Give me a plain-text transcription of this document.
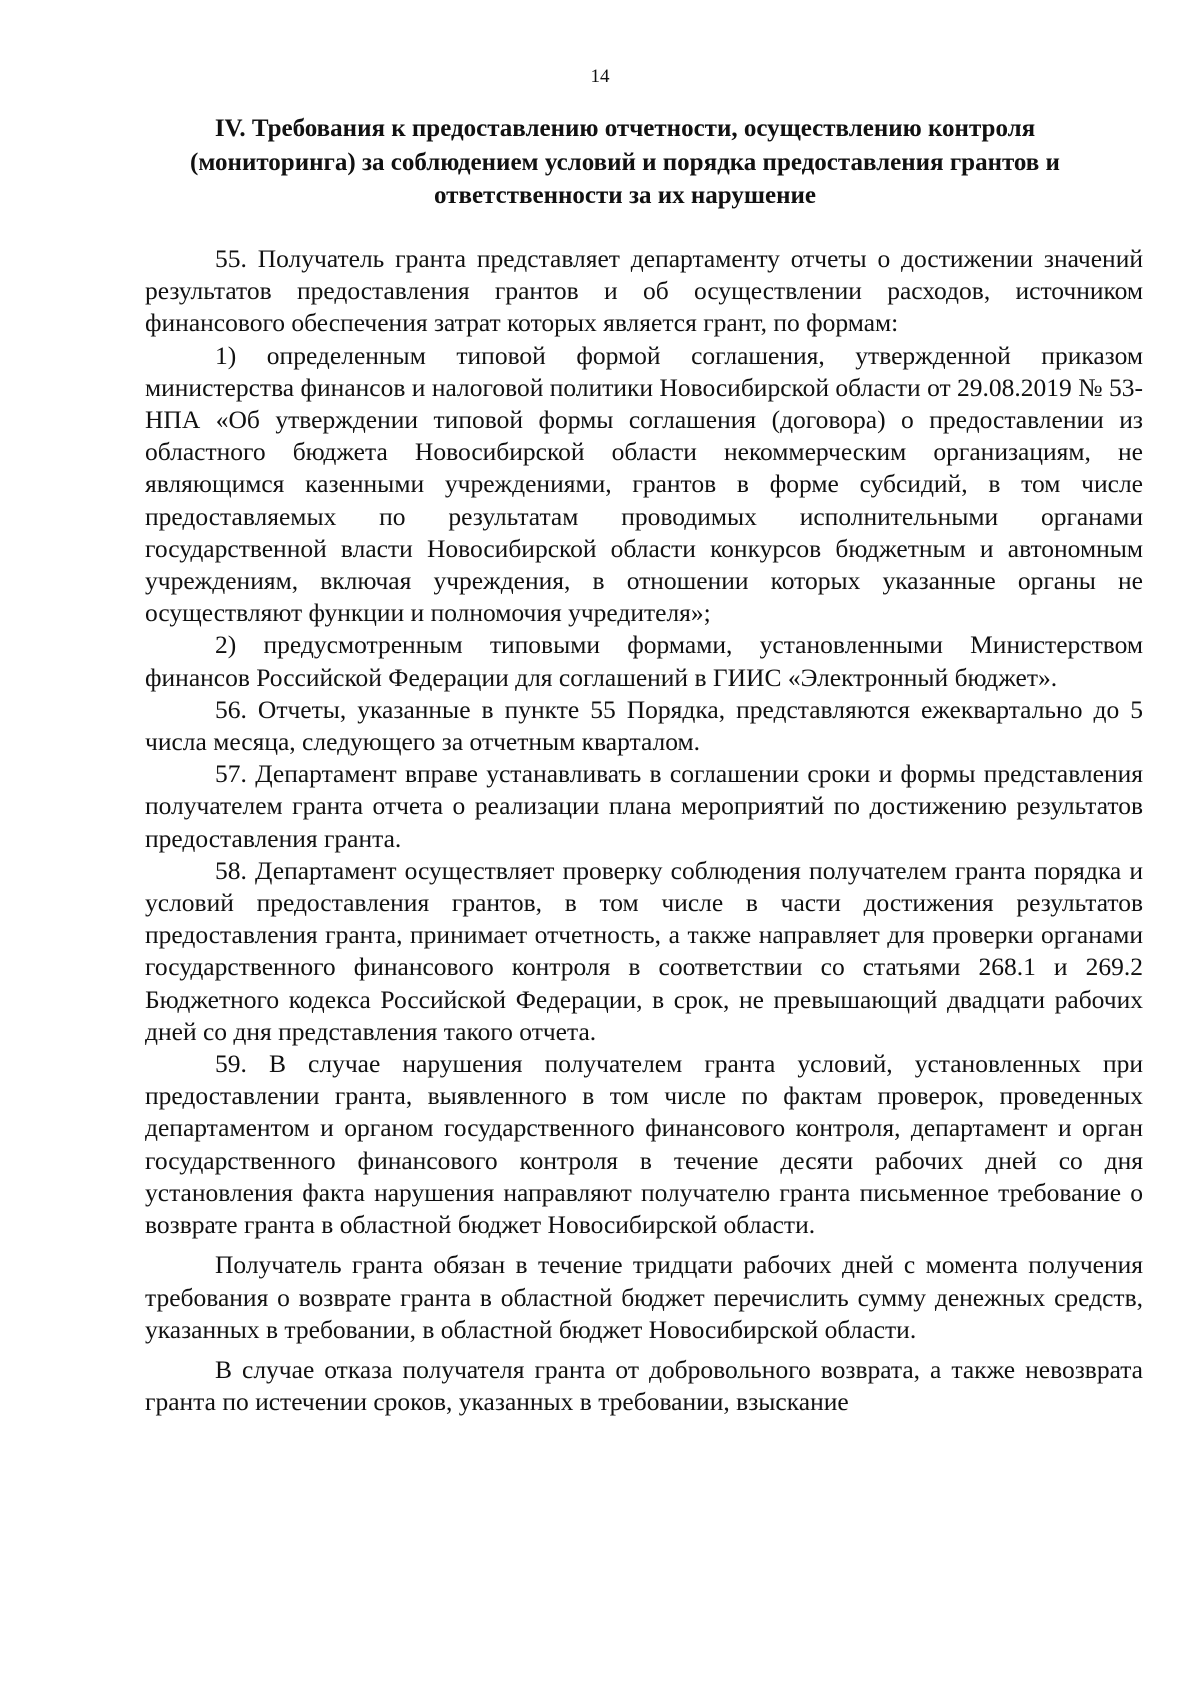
14
IV. Требования к предоставлению отчетности, осуществлению контроля (мониторинга) за соблюдением условий и порядка предоставления грантов и ответственности за их нарушение

55. Получатель гранта представляет департаменту отчеты о достижении значений результатов предоставления грантов и об осуществлении расходов, источником финансового обеспечения затрат которых является грант, по формам:

1) определенным типовой формой соглашения, утвержденной приказом министерства финансов и налоговой политики Новосибирской области от 29.08.2019 № 53-НПА «Об утверждении типовой формы соглашения (договора) о предоставлении из областного бюджета Новосибирской области некоммерческим организациям, не являющимся казенными учреждениями, грантов в форме субсидий, в том числе предоставляемых по результатам проводимых исполнительными органами государственной власти Новосибирской области конкурсов бюджетным и автономным учреждениям, включая учреждения, в отношении которых указанные органы не осуществляют функции и полномочия учредителя»;

2) предусмотренным типовыми формами, установленными Министерством финансов Российской Федерации для соглашений в ГИИС «Электронный бюджет».

56. Отчеты, указанные в пункте 55 Порядка, представляются ежеквартально до 5 числа месяца, следующего за отчетным кварталом.

57. Департамент вправе устанавливать в соглашении сроки и формы представления получателем гранта отчета о реализации плана мероприятий по достижению результатов предоставления гранта.

58. Департамент осуществляет проверку соблюдения получателем гранта порядка и условий предоставления грантов, в том числе в части достижения результатов предоставления гранта, принимает отчетность, а также направляет для проверки органами государственного финансового контроля в соответствии со статьями 268.1 и 269.2 Бюджетного кодекса Российской Федерации, в срок, не превышающий двадцати рабочих дней со дня представления такого отчета.

59. В случае нарушения получателем гранта условий, установленных при предоставлении гранта, выявленного в том числе по фактам проверок, проведенных департаментом и органом государственного финансового контроля, департамент и орган государственного финансового контроля в течение десяти рабочих дней со дня установления факта нарушения направляют получателю гранта письменное требование о возврате гранта в областной бюджет Новосибирской области.

Получатель гранта обязан в течение тридцати рабочих дней с момента получения требования о возврате гранта в областной бюджет перечислить сумму денежных средств, указанных в требовании, в областной бюджет Новосибирской области.

В случае отказа получателя гранта от добровольного возврата, а также невозврата гранта по истечении сроков, указанных в требовании, взыскание
